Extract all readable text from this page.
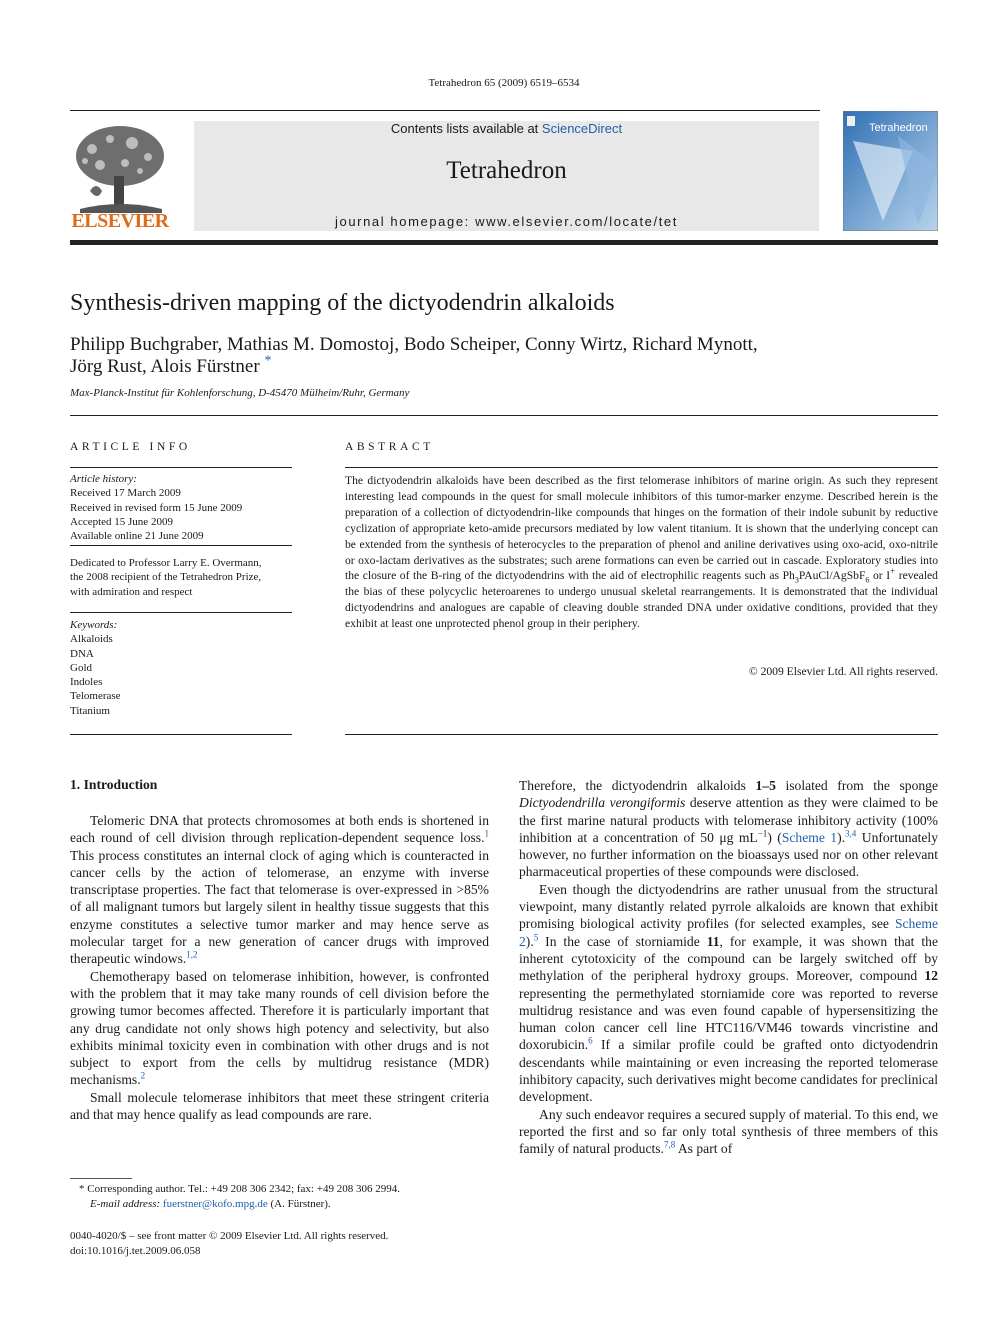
Tetrahedron 65 (2009) 6519–6534
ELSEVIER
Contents lists available at ScienceDirect
Tetrahedron
journal homepage: www.elsevier.com/locate/tet
Tetrahedron
Synthesis-driven mapping of the dictyodendrin alkaloids
Philipp Buchgraber, Mathias M. Domostoj, Bodo Scheiper, Conny Wirtz, Richard Mynott,
Jörg Rust, Alois Fürstner *
Max-Planck-Institut für Kohlenforschung, D-45470 Mülheim/Ruhr, Germany
ARTICLE INFO
Article history:
Received 17 March 2009
Received in revised form 15 June 2009
Accepted 15 June 2009
Available online 21 June 2009
Dedicated to Professor Larry E. Overmann,
the 2008 recipient of the Tetrahedron Prize,
with admiration and respect
Keywords:
Alkaloids
DNA
Gold
Indoles
Telomerase
Titanium
ABSTRACT
The dictyodendrin alkaloids have been described as the first telomerase inhibitors of marine origin. As such they represent interesting lead compounds in the quest for small molecule inhibitors of this tumor-marker enzyme. Described herein is the preparation of a collection of dictyodendrin-like compounds that hinges on the formation of their indole subunit by reductive cyclization of appropriate keto-amide precursors mediated by low valent titanium. It is shown that the underlying concept can be extended from the synthesis of heterocycles to the preparation of phenol and aniline derivatives using oxo-acid, oxo-nitrile or oxo-lactam derivatives as the substrates; such arene formations can even be carried out in cascade. Exploratory studies into the closure of the B-ring of the dictyodendrins with the aid of electrophilic reagents such as $Ph_3PAuCl/AgSbF_6$ or I+ revealed the bias of these polycyclic heteroarenes to undergo unusual skeletal rearrangements. It is demonstrated that the individual dictyodendrins and analogues are capable of cleaving double stranded DNA under oxidative conditions, provided that they exhibit at least one unprotected phenol group in their periphery.
© 2009 Elsevier Ltd. All rights reserved.
1. Introduction

Telomeric DNA that protects chromosomes at both ends is shortened in each round of cell division through replication-dependent sequence loss.$^1$ This process constitutes an internal clock of aging which is counteracted in cancer cells by the action of telomerase, an enzyme with inverse transcriptase properties. The fact that telomerase is over-expressed in >85% of all malignant tumors but largely silent in healthy tissue suggests that this enzyme constitutes a selective tumor marker and may hence serve as molecular target for a new generation of cancer drugs with improved therapeutic windows.$^{1,2}$

Chemotherapy based on telomerase inhibition, however, is confronted with the problem that it may take many rounds of cell division before the growing tumor becomes affected. Therefore it is particularly important that any drug candidate not only shows high potency and selectivity, but also exhibits minimal toxicity even in combination with other drugs and is not subject to export from the cells by multidrug resistance (MDR) mechanisms.$^2$

Small molecule telomerase inhibitors that meet these stringent criteria and that may hence qualify as lead compounds are rare.

Therefore, the dictyodendrin alkaloids 1–5 isolated from the sponge Dictyodendrilla verongiformis deserve attention as they were claimed to be the first marine natural products with telomerase inhibitory activity (100% inhibition at a concentration of 50 μg $mL^{-1}$) (Scheme 1).$^{3,4}$ Unfortunately however, no further information on the bioassays used nor on other relevant pharmaceutical properties of these compounds were disclosed.

Even though the dictyodendrins are rather unusual from the structural viewpoint, many distantly related pyrrole alkaloids are known that exhibit promising biological activity profiles (for selected examples, see Scheme 2).$^5$ In the case of storniamide 11, for example, it was shown that the inherent cytotoxicity of the compound can be largely switched off by methylation of the peripheral hydroxy groups. Moreover, compound 12 representing the permethylated storniamide core was reported to reverse multidrug resistance and was even found capable of hypersensitizing the human colon cancer cell line HTC116/VM46 towards vincristine and doxorubicin.$^6$ If a similar profile could be grafted onto dictyodendrin descendants while maintaining or even increasing the reported telomerase inhibitory capacity, such derivatives might become candidates for preclinical development.

Any such endeavor requires a secured supply of material. To this end, we reported the first and so far only total synthesis of three members of this family of natural products.$^{7,8}$ As part of

* Corresponding author. Tel.: +49 208 306 2342; fax: +49 208 306 2994.
E-mail address: fuerstner@kofo.mpg.de (A. Fürstner).
0040-4020/$ – see front matter © 2009 Elsevier Ltd. All rights reserved.
doi:10.1016/j.tet.2009.06.058
